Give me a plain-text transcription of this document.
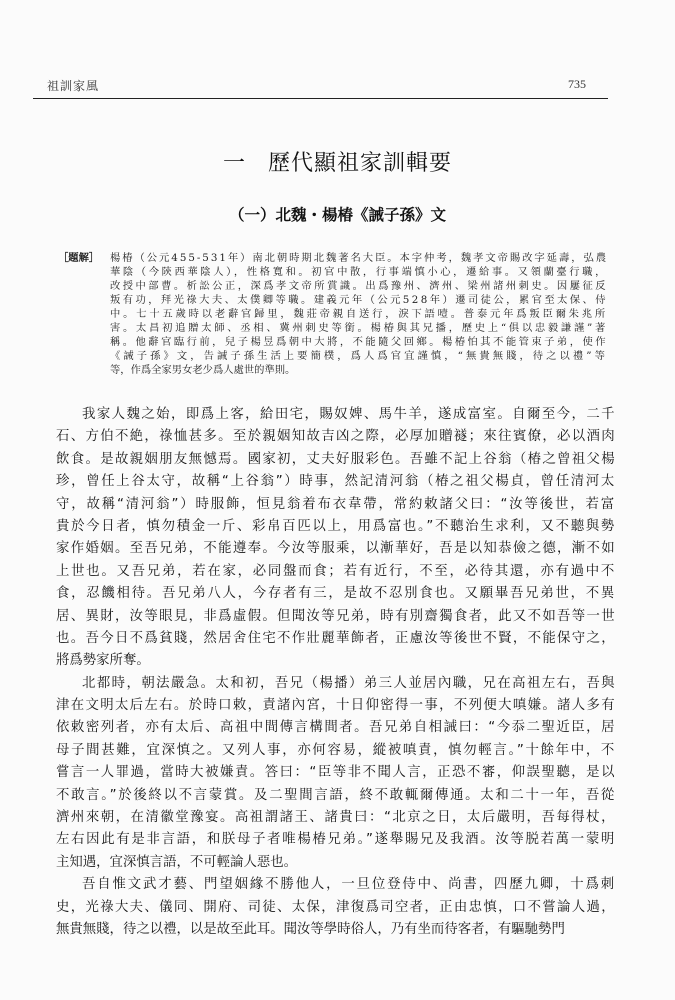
祖訓家風	735
一 歷代顯祖家訓輯要
（一）北魏・楊椿《誡子孫》文
［題解］ 楊椿（公元455-531年）南北朝時期北魏著名大臣。本字仲考，魏孝文帝賜改字延壽，弘農
華陰（今陝西華陰人），性格寬和。初官中散，行事端慎小心，遷給事。又領蘭臺行職，
改授中部曹。析訟公正，深爲孝文帝所賞識。出爲豫州、濟州、梁州諸州刺史。因屢征反
叛有功，拜光祿大夫、太僕卿等職。建義元年（公元528年）遷司徒公，累官至太保、侍
中。七十五歲時以老辭官歸里，魏莊帝親自送行，淚下語噎。普泰元年爲叛臣爾朱兆所
害。太昌初追贈太師、丞相、冀州刺史等銜。楊椿與其兄播，歷史上“俱以忠毅謙謹”著
稱。他辭官臨行前，兒子楊昱爲朝中大將，不能隨父回鄉。楊椿怕其不能管束子弟，使作
《誡子孫》文，告誡子孫生活上要簡樸，爲人爲官宜謹慎，“無貴無賤，待之以禮”等
等，作爲全家男女老少爲人處世的準則。
我家人魏之始，即爲上客，給田宅，賜奴婢、馬牛羊，遂成富室。自爾至今，二千
石、方伯不絶，祿恤甚多。至於親姻知故吉凶之際，必厚加贈襚；來往賓僚，必以酒肉
飲食。是故親姻朋友無憾焉。國家初，丈夫好服彩色。吾雖不記上谷翁（椿之曾祖父楊
珍，曾任上谷太守，故稱“上谷翁”）時事，然記清河翁（椿之祖父楊貞，曾任清河太
守，故稱“清河翁”）時服飾，恒見翁着布衣韋帶，常約敕諸父曰：“汝等後世，若富
貴於今日者，慎勿積金一斤、彩帛百匹以上，用爲富也。”不聽治生求利，又不聽與勢
家作婚姻。至吾兄弟，不能遵奉。今汝等服乘，以漸華好，吾是以知恭儉之德，漸不如
上世也。又吾兄弟，若在家，必同盤而食；若有近行，不至，必待其還，亦有過中不
食，忍饑相待。吾兄弟八人，今存者有三，是故不忍別食也。又願畢吾兄弟世，不異
居、異財，汝等眼見，非爲虛假。但聞汝等兄弟，時有別齋獨食者，此又不如吾等一世
也。吾今日不爲貧賤，然居舍住宅不作壯麗華飾者，正慮汝等後世不賢，不能保守之，
將爲勢家所奪。
北都時，朝法嚴急。太和初，吾兄（楊播）弟三人並居內職，兄在高祖左右，吾與
津在文明太后左右。於時口敕，責諸內宮，十日仰密得一事，不列便大嗔嫌。諸人多有
依敕密列者，亦有太后、高祖中間傳言構間者。吾兄弟自相誡曰：“今忝二聖近臣，居
母子間甚難，宜深慎之。又列人事，亦何容易，縱被嗔責，慎勿輕言。”十餘年中，不
嘗言一人罪過，當時大被嫌責。答曰：“臣等非不聞人言，正恐不審，仰誤聖聽，是以
不敢言。”於後終以不言蒙賞。及二聖間言語，終不敢輒爾傳通。太和二十一年，吾從
濟州來朝，在清徽堂豫宴。高祖謂諸王、諸貴曰：“北京之日，太后嚴明，吾每得杖，
左右因此有是非言語，和朕母子者唯楊椿兄弟。”遂舉賜兄及我酒。汝等脱若萬一蒙明
主知遇，宜深慎言語，不可輕論人惡也。
吾自惟文武才藝、門望姻緣不勝他人，一旦位登侍中、尚書，四歷九卿，十爲刺
史，光祿大夫、儀同、開府、司徒、太保，津復爲司空者，正由忠慎，口不嘗論人過，
無貴無賤，待之以禮，以是故至此耳。聞汝等學時俗人，乃有坐而待客者，有驅馳勢門
